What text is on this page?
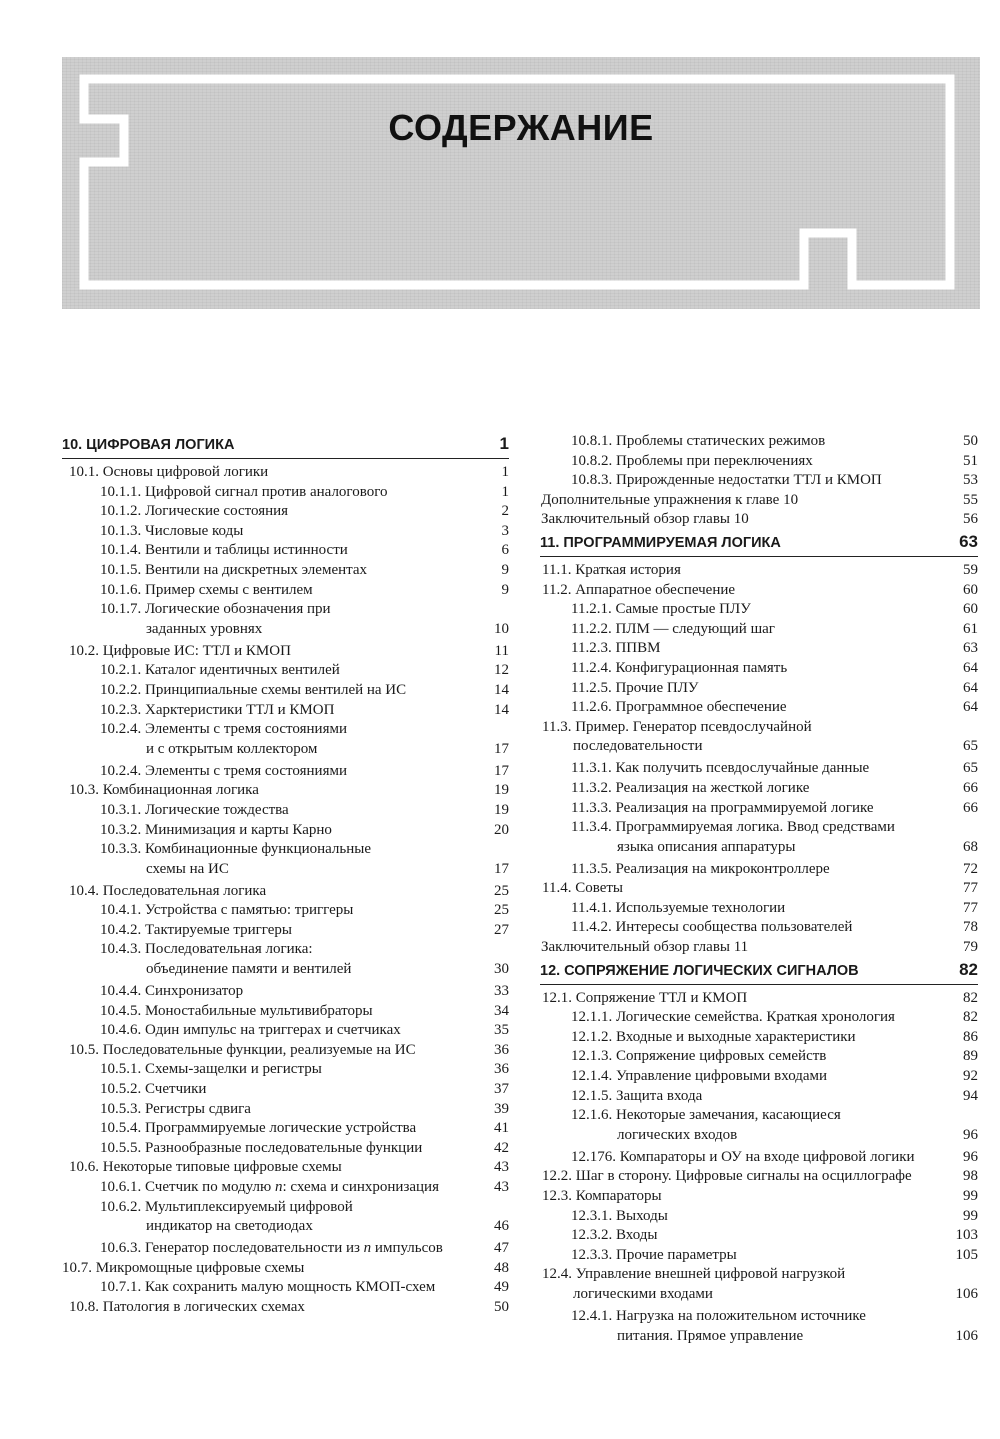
СОДЕРЖАНИЕ
10. ЦИФРОВАЯ ЛОГИКА	1
10.1. Основы цифровой логики	1
10.1.1. Цифровой сигнал против аналогового	1
10.1.2. Логические состояния	2
10.1.3. Числовые коды	3
10.1.4. Вентили и таблицы истинности	6
10.1.5. Вентили на дискретных элементах	9
10.1.6. Пример схемы с вентилем	9
10.1.7. Логические обозначения при
заданных уровнях	10
10.2. Цифровые ИС: ТТЛ и КМОП	11
10.2.1. Каталог идентичных вентилей	12
10.2.2. Принципиальные схемы вентилей на ИС	14
10.2.3. Харктеристики ТТЛ и КМОП	14
10.2.4. Элементы с тремя состояниями
и с открытым коллектором	17
10.2.4. Элементы с тремя состояниями	17
10.3. Комбинационная логика	19
10.3.1. Логические тождества	19
10.3.2. Минимизация и карты Карно	20
10.3.3. Комбинационные функциональные
схемы на ИС	17
10.4. Последовательная логика	25
10.4.1. Устройства с памятью: триггеры	25
10.4.2. Тактируемые триггеры	27
10.4.3. Последовательная логика:
объединение памяти и вентилей	30
10.4.4. Синхронизатор	33
10.4.5. Моностабильные мультивибраторы	34
10.4.6. Один импульс на триггерах и счетчиках	35
10.5. Последовательные функции, реализуемые на ИС	36
10.5.1. Схемы-защелки и регистры	36
10.5.2. Счетчики	37
10.5.3. Регистры сдвига	39
10.5.4. Программируемые логические устройства	41
10.5.5. Разнообразные последовательные функции	42
10.6. Некоторые типовые цифровые схемы	43
10.6.1. Счетчик по модулю n: схема и синхронизация	43
10.6.2. Мультиплексируемый цифровой
индикатор на светодиодах	46
10.6.3. Генератор последовательности из n импульсов	47
10.7. Микромощные цифровые схемы	48
10.7.1. Как сохранить малую мощность КМОП-схем	49
10.8. Патология в логических схемах	50
10.8.1. Проблемы статических режимов	50
10.8.2. Проблемы при переключениях	51
10.8.3. Прирожденные недостатки ТТЛ и КМОП	53
Дополнительные упражнения к главе 10	55
Заключительный обзор главы 10	56
11. ПРОГРАММИРУЕМАЯ ЛОГИКА	63
11.1. Краткая история	59
11.2. Аппаратное обеспечение	60
11.2.1. Самые простые ПЛУ	60
11.2.2. ПЛМ — следующий шаг	61
11.2.3. ППВМ	63
11.2.4. Конфигурационная память	64
11.2.5. Прочие ПЛУ	64
11.2.6. Программное обеспечение	64
11.3. Пример. Генератор псевдослучайной
последовательности	65
11.3.1. Как получить псевдослучайные данные	65
11.3.2. Реализация на жесткой логике	66
11.3.3. Реализация на программируемой логике	66
11.3.4. Программируемая логика. Ввод средствами
языка описания аппаратуры	68
11.3.5. Реализация на микроконтроллере	72
11.4. Советы	77
11.4.1. Используемые технологии	77
11.4.2. Интересы сообщества пользователей	78
Заключительный обзор главы 11	79
12. СОПРЯЖЕНИЕ ЛОГИЧЕСКИХ СИГНАЛОВ	82
12.1. Сопряжение ТТЛ и КМОП	82
12.1.1. Логические семейства. Краткая хронология	82
12.1.2. Входные и выходные характеристики	86
12.1.3. Сопряжение цифровых семейств	89
12.1.4. Управление цифровыми входами	92
12.1.5. Защита входа	94
12.1.6. Некоторые замечания, касающиеся
логических входов	96
12.176. Компараторы и ОУ на входе цифровой логики	96
12.2. Шаг в сторону. Цифровые сигналы на осциллографе	98
12.3. Компараторы	99
12.3.1. Выходы	99
12.3.2. Входы	103
12.3.3. Прочие параметры	105
12.4. Управление внешней цифровой нагрузкой
логическими входами	106
12.4.1. Нагрузка на положительном источнике
питания. Прямое управление	106
